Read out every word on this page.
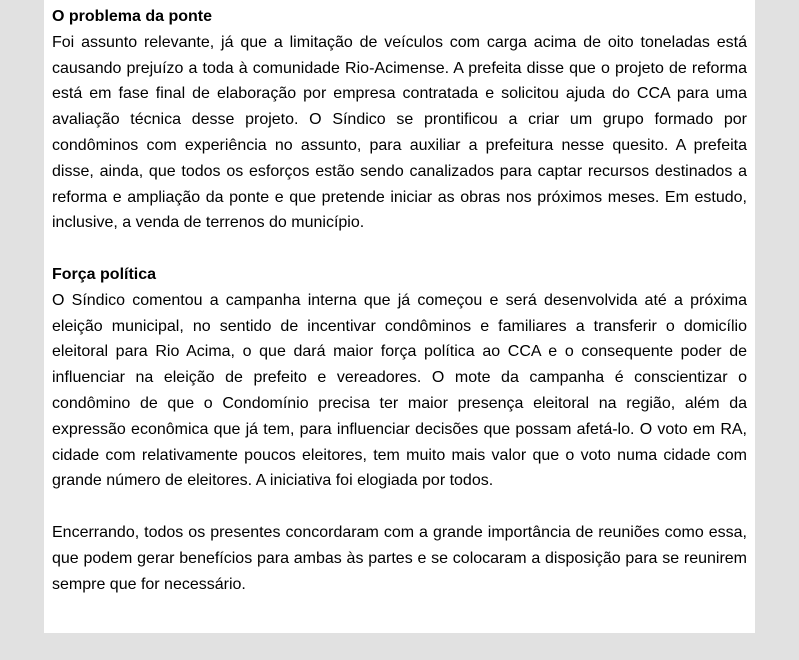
O problema da ponte

Foi assunto relevante, já que a limitação de veículos com carga acima de oito toneladas está causando prejuízo a toda à comunidade Rio-Acimense. A prefeita disse que o projeto de reforma está em fase final de elaboração por empresa contratada e solicitou ajuda do CCA para uma avaliação técnica desse projeto. O Síndico se prontificou a criar um grupo formado por condôminos com experiência no assunto, para auxiliar a prefeitura nesse quesito. A prefeita disse, ainda, que todos os esforços estão sendo canalizados para captar recursos destinados a reforma e ampliação da ponte e que pretende iniciar as obras nos próximos meses. Em estudo, inclusive, a venda de terrenos do município.

Força política

O Síndico comentou a campanha interna que já começou e será desenvolvida até a próxima eleição municipal, no sentido de incentivar condôminos e familiares a transferir o domicílio eleitoral para Rio Acima, o que dará maior força política ao CCA e o consequente poder de influenciar na eleição de prefeito e vereadores. O mote da campanha é conscientizar o condômino de que o Condomínio precisa ter maior presença eleitoral na região, além da expressão econômica que já tem, para influenciar decisões que possam afetá-lo. O voto em RA, cidade com relativamente poucos eleitores, tem muito mais valor que o voto numa cidade com grande número de eleitores. A iniciativa foi elogiada por todos.

Encerrando, todos os presentes concordaram com a grande importância de reuniões como essa, que podem gerar benefícios para ambas às partes e se colocaram a disposição para se reunirem sempre que for necessário.
